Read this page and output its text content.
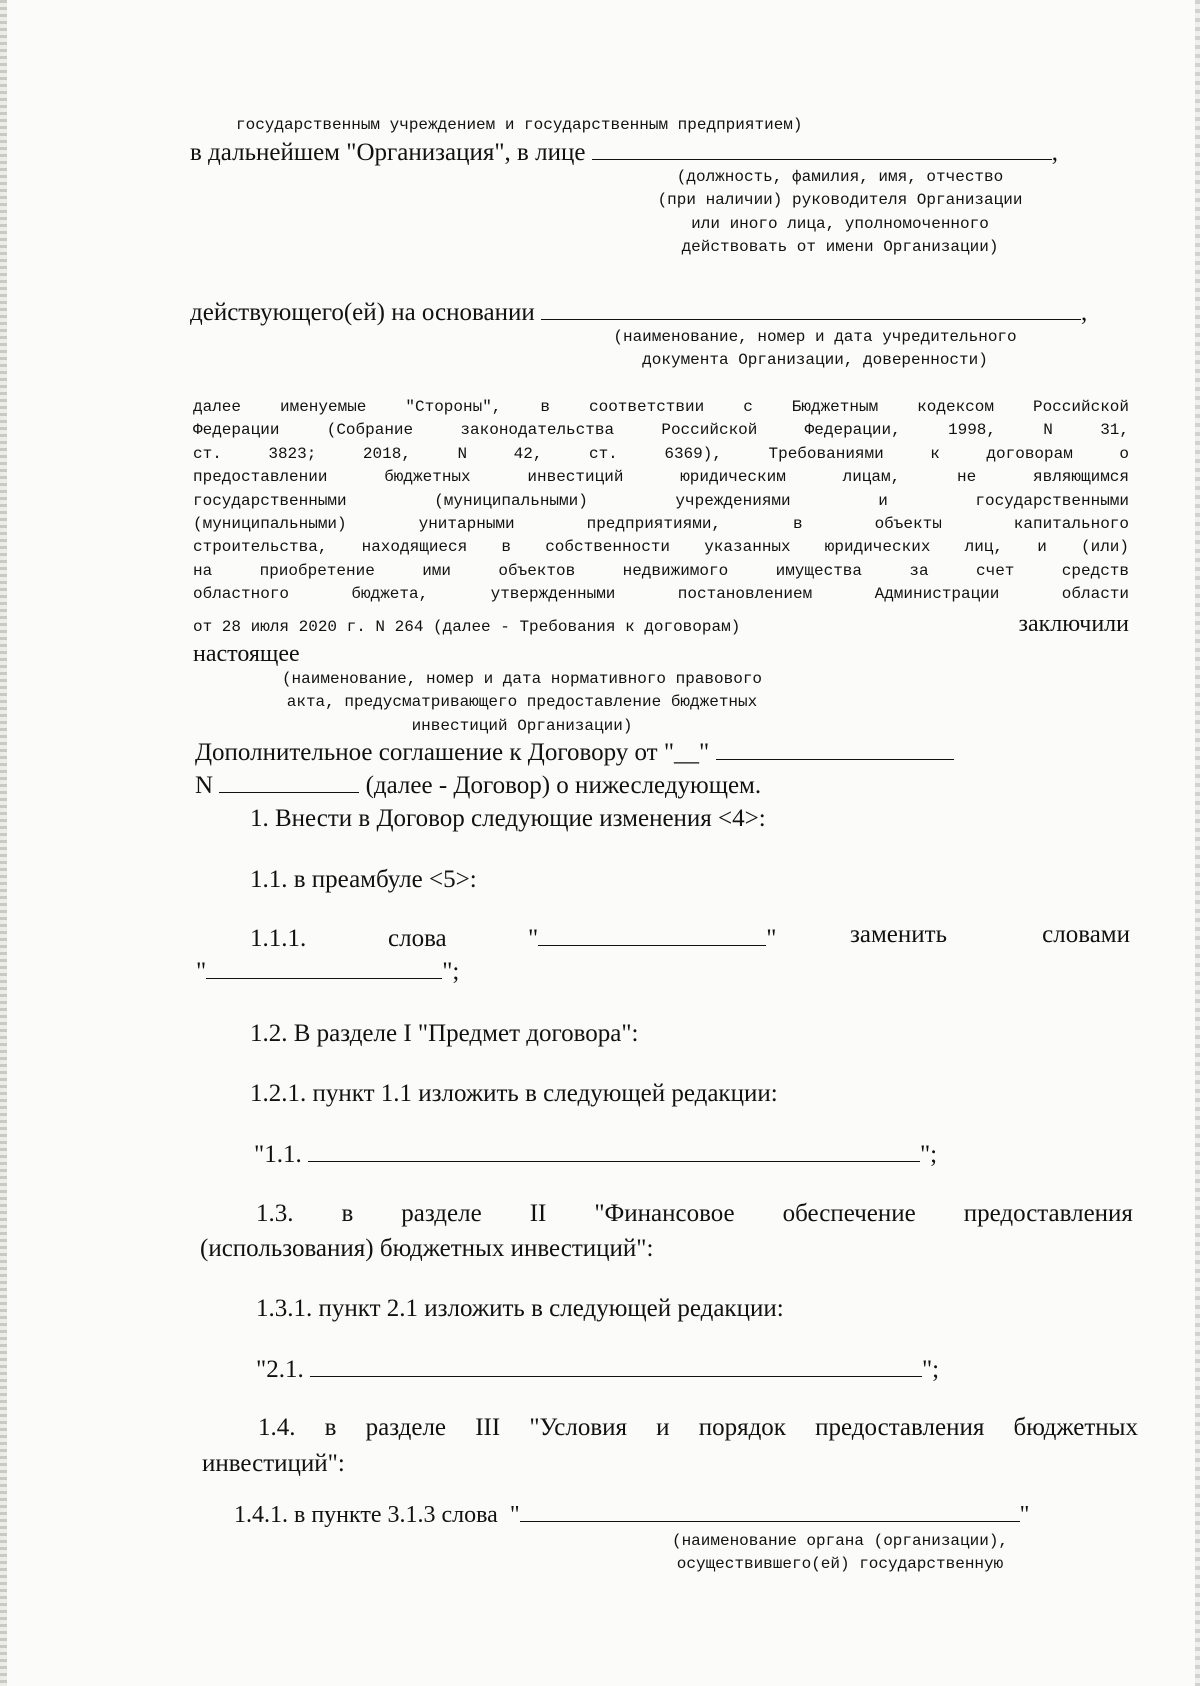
государственным учреждением и государственным предприятием)
в дальнейшем "Организация", в лице	,
(должность, фамилия, имя, отчество
(при наличии) руководителя Организации
или иного лица, уполномоченного
действовать от имени Организации)
действующего(ей) на основании	,
(наименование, номер и дата учредительного
документа Организации, доверенности)
далее именуемые "Стороны", в соответствии с Бюджетным кодексом Российской
Федерации (Собрание законодательства Российской Федерации, 1998, N 31,
ст. 3823; 2018, N 42, ст. 6369), Требованиями к договорам о
предоставлении бюджетных инвестиций юридическим лицам, не являющимся
государственными (муниципальными) учреждениями и государственными
(муниципальными) унитарными предприятиями, в объекты капитального
строительства, находящиеся в собственности указанных юридических лиц, и (или)
на приобретение ими объектов недвижимого имущества за счет средств
областного бюджета, утвержденными постановлением Администрации области
от 28 июля 2020 г. N 264 (далее - Требования к договорам)	заключили
настоящее
(наименование, номер и дата нормативного правового
акта, предусматривающего предоставление бюджетных
инвестиций Организации)
Дополнительное соглашение к Договору от "__"
N	(далее - Договор) о нижеследующем.
1. Внести в Договор следующие изменения <4>:
1.1. в преамбуле <5>:
1.1.1.	слова	"	"	заменить	словами
"	";
1.2. В разделе I "Предмет договора":
1.2.1. пункт 1.1 изложить в следующей редакции:
"1.1.	";
1.3. в разделе II "Финансовое обеспечение предоставления
(использования) бюджетных инвестиций":
1.3.1. пункт 2.1 изложить в следующей редакции:
"2.1.	";
1.4. в разделе III "Условия и порядок предоставления бюджетных
инвестиций":
1.4.1. в пункте 3.1.3 слова "	"
(наименование органа (организации),
осуществившего(ей) государственную
